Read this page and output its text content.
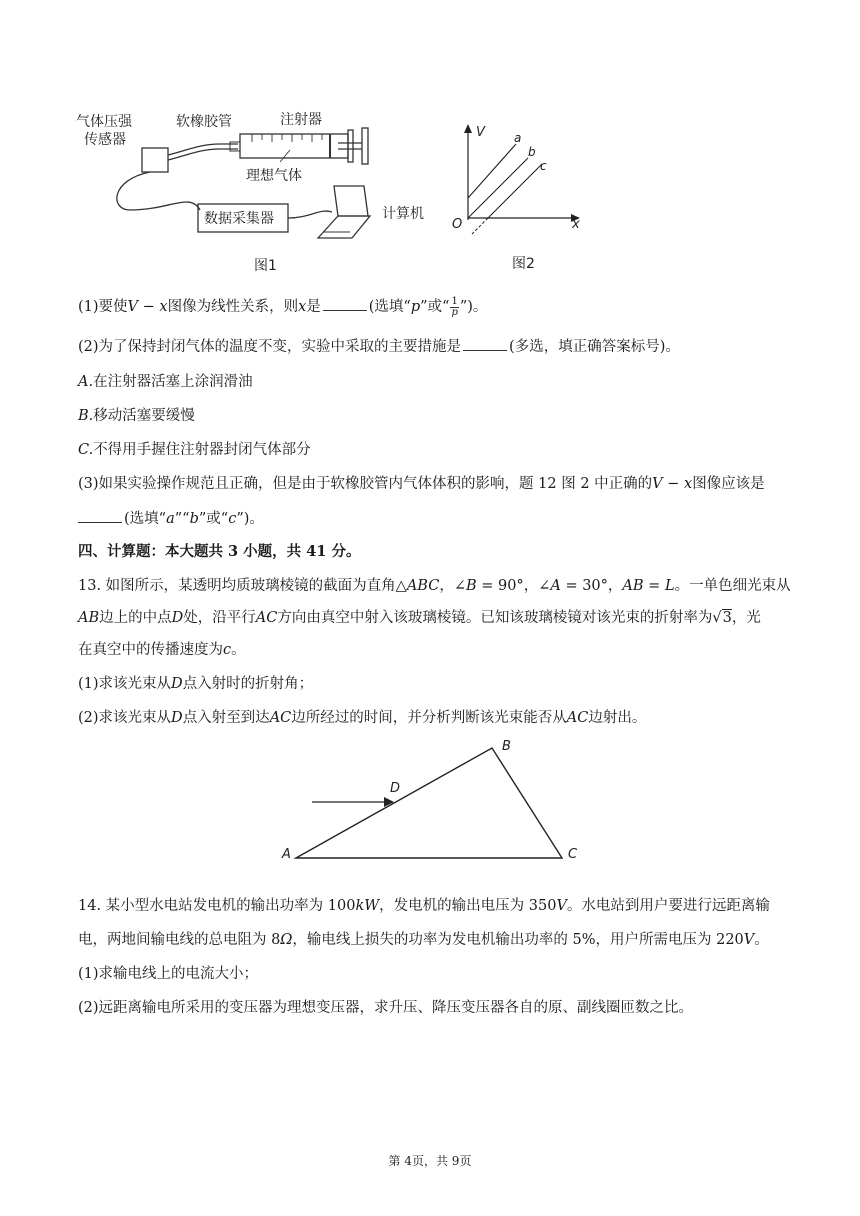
气体压强
传感器
软橡胶管	注射器
理想气体
计算机
图1
数据采集器
V
x
O
a
b
c
图2
(1)要使V − x图像为线性关系，则x是	(选填“p”或“ $\frac{1}{p}$ ”)。
(2)为了保持封闭气体的温度不变，实验中采取的主要措施是	(多选，填正确答案标号)。
A.在注射器活塞上涂润滑油
B.移动活塞要缓慢
C.不得用手握住注射器封闭气体部分
(3)如果实验操作规范且正确，但是由于软橡胶管内气体体积的影响，题 12 图 2 中正确的V − x图像应该是
(选填“a”“b”或“c”)。
四、计算题：本大题共 3 小题，共 41 分。
13. 如图所示，某透明均质玻璃棱镜的截面为直角△ABC，∠B = 90°，∠A = 30°，AB = L。一单色细光束从
AB边上的中点D处，沿平行AC方向由真空中射入该玻璃棱镜。已知该玻璃棱镜对该光束的折射率为√3，光
在真空中的传播速度为c。
(1)求该光束从D点入射时的折射角；
(2)求该光束从D点入射至到达AC边所经过的时间，并分析判断该光束能否从AC边射出。
A
B
C
D
14. 某小型水电站发电机的输出功率为 100kW，发电机的输出电压为 350V。水电站到用户要进行远距离输
电，两地间输电线的总电阻为 8Ω，输电线上损失的功率为发电机输出功率的 5%，用户所需电压为 220V。
(1)求输电线上的电流大小；
(2)远距离输电所采用的变压器为理想变压器，求升压、降压变压器各自的原、副线圈匝数之比。
第 4页，共 9页
